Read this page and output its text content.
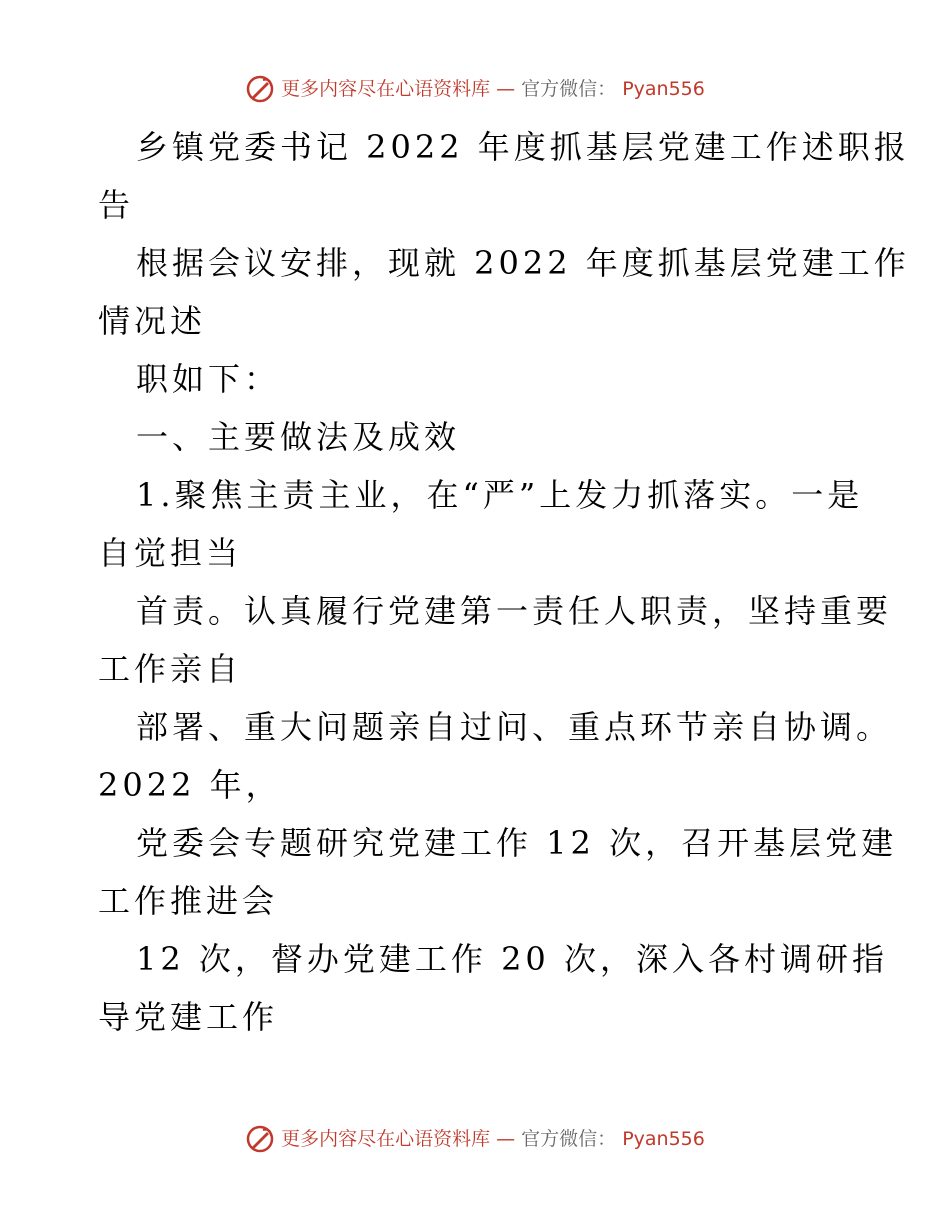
更多内容尽在心语资料库 — 官方微信： Pyan556
乡镇党委书记 2022 年度抓基层党建工作述职报
告
根据会议安排，现就 2022 年度抓基层党建工作
情况述
职如下：
一、主要做法及成效
1.聚焦主责主业，在“严”上发力抓落实。一是
自觉担当
首责。认真履行党建第一责任人职责，坚持重要
工作亲自
部署、重大问题亲自过问、重点环节亲自协调。
2022 年，
党委会专题研究党建工作 12 次，召开基层党建
工作推进会
12 次，督办党建工作 20 次，深入各村调研指
导党建工作
更多内容尽在心语资料库 — 官方微信： Pyan556
